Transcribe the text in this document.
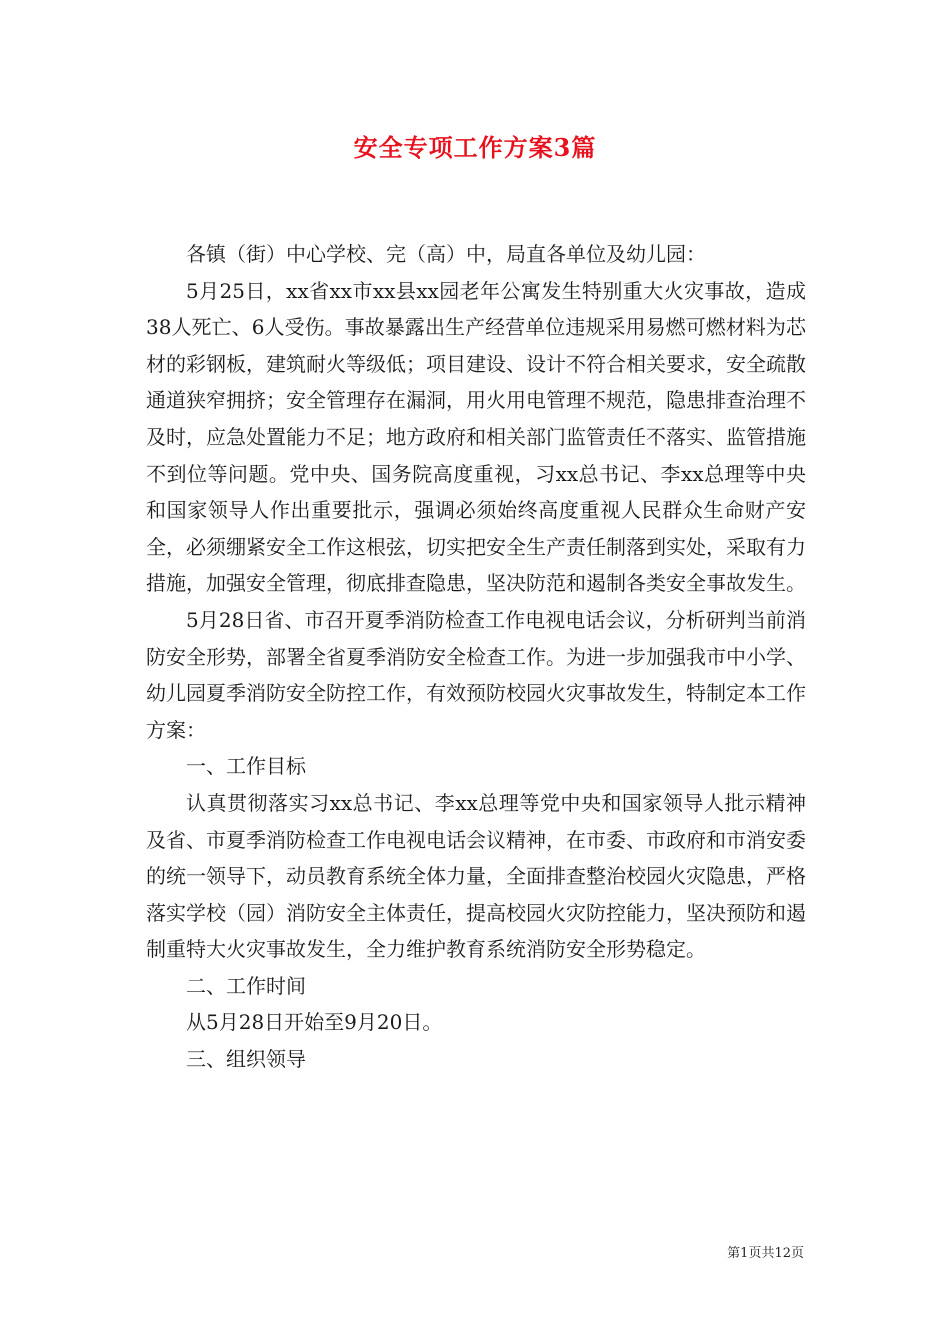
安全专项工作方案3篇

各镇（街）中心学校、完（高）中，局直各单位及幼儿园：

5月25日，xx省xx市xx县xx园老年公寓发生特别重大火灾事故，造成38人死亡、6人受伤。事故暴露出生产经营单位违规采用易燃可燃材料为芯材的彩钢板，建筑耐火等级低；项目建设、设计不符合相关要求，安全疏散通道狭窄拥挤；安全管理存在漏洞，用火用电管理不规范，隐患排查治理不及时，应急处置能力不足；地方政府和相关部门监管责任不落实、监管措施不到位等问题。党中央、国务院高度重视，习xx总书记、李xx总理等中央和国家领导人作出重要批示，强调必须始终高度重视人民群众生命财产安全，必须绷紧安全工作这根弦，切实把安全生产责任制落到实处，采取有力措施，加强安全管理，彻底排查隐患，坚决防范和遏制各类安全事故发生。

5月28日省、市召开夏季消防检查工作电视电话会议，分析研判当前消防安全形势，部署全省夏季消防安全检查工作。为进一步加强我市中小学、幼儿园夏季消防安全防控工作，有效预防校园火灾事故发生，特制定本工作方案：

一、工作目标

认真贯彻落实习xx总书记、李xx总理等党中央和国家领导人批示精神及省、市夏季消防检查工作电视电话会议精神，在市委、市政府和市消安委的统一领导下，动员教育系统全体力量，全面排查整治校园火灾隐患，严格落实学校（园）消防安全主体责任，提高校园火灾防控能力，坚决预防和遏制重特大火灾事故发生，全力维护教育系统消防安全形势稳定。

二、工作时间

从5月28日开始至9月20日。

三、组织领导

第1页共12页
